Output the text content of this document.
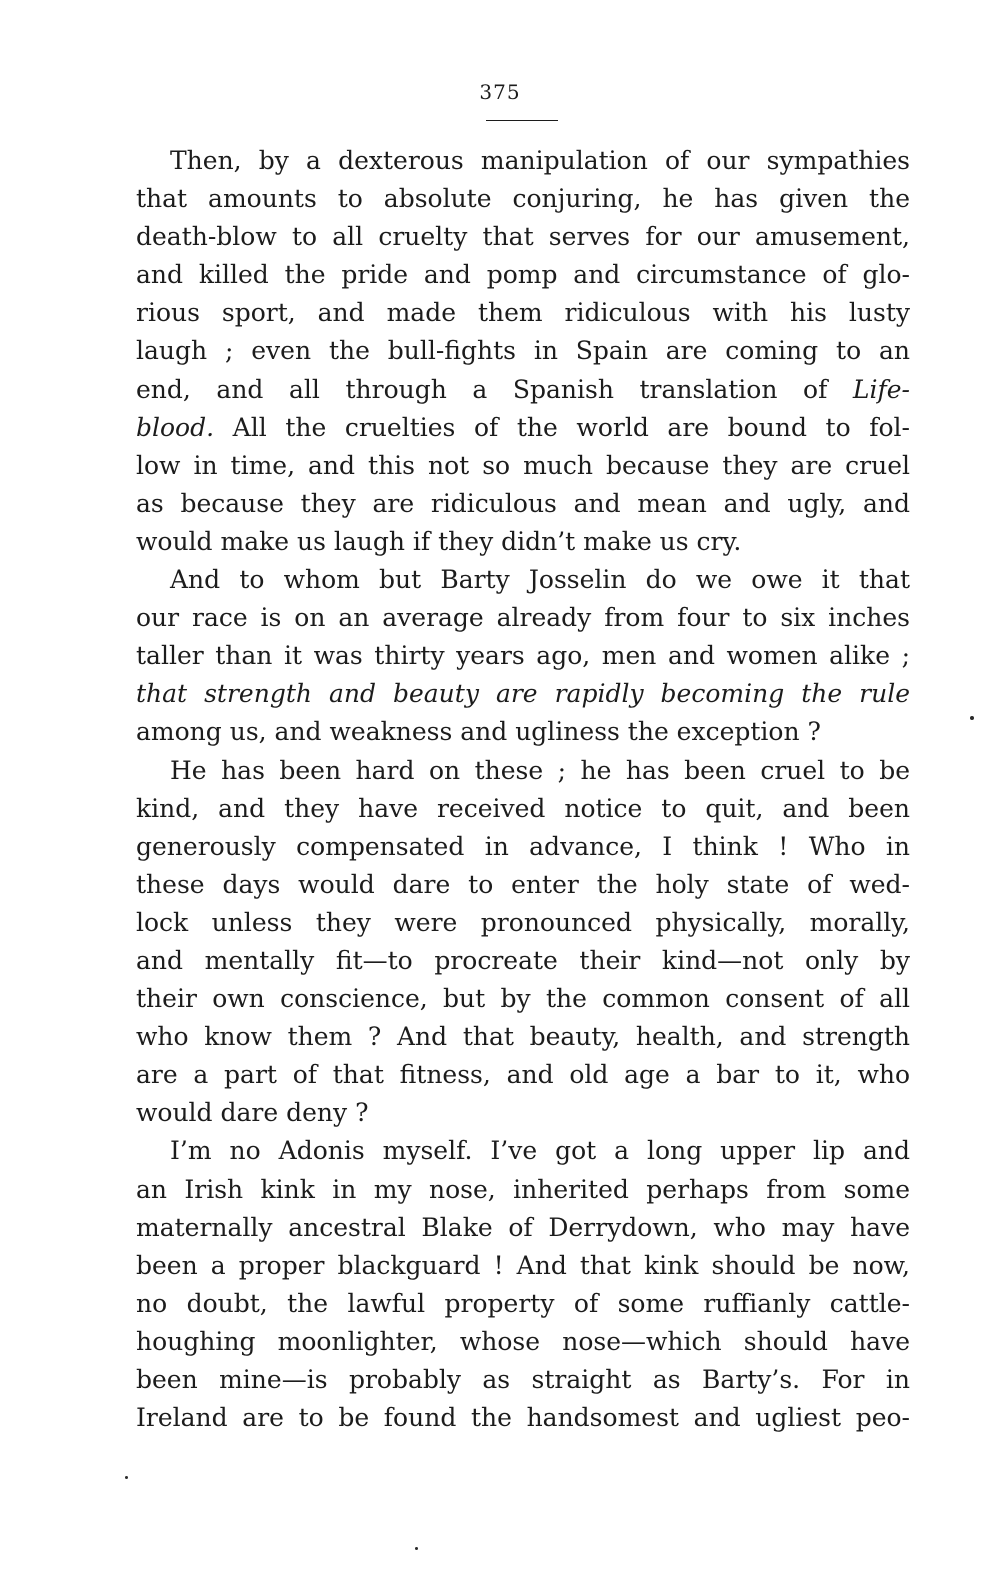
375
Then, by a dexterous manipulation of our sympathies
that amounts to absolute conjuring, he has given the
death-blow to all cruelty that serves for our amusement,
and killed the pride and pomp and circumstance of glo-
rious sport, and made them ridiculous with his lusty
laugh ; even the bull-fights in Spain are coming to an
end, and all through a Spanish translation of Life-
blood. All the cruelties of the world are bound to fol-
low in time, and this not so much because they are cruel
as because they are ridiculous and mean and ugly, and
would make us laugh if they didn’t make us cry.
And to whom but Barty Josselin do we owe it that
our race is on an average already from four to six inches
taller than it was thirty years ago, men and women alike ;
that strength and beauty are rapidly becoming the rule
among us, and weakness and ugliness the exception ?
He has been hard on these ; he has been cruel to be
kind, and they have received notice to quit, and been
generously compensated in advance, I think ! Who in
these days would dare to enter the holy state of wed-
lock unless they were pronounced physically, morally,
and mentally fit—to procreate their kind—not only by
their own conscience, but by the common consent of all
who know them ? And that beauty, health, and strength
are a part of that fitness, and old age a bar to it, who
would dare deny ?
I’m no Adonis myself. I’ve got a long upper lip and
an Irish kink in my nose, inherited perhaps from some
maternally ancestral Blake of Derrydown, who may have
been a proper blackguard ! And that kink should be now,
no doubt, the lawful property of some ruffianly cattle-
houghing moonlighter, whose nose—which should have
been mine—is probably as straight as Barty’s. For in
Ireland are to be found the handsomest and ugliest peo-
